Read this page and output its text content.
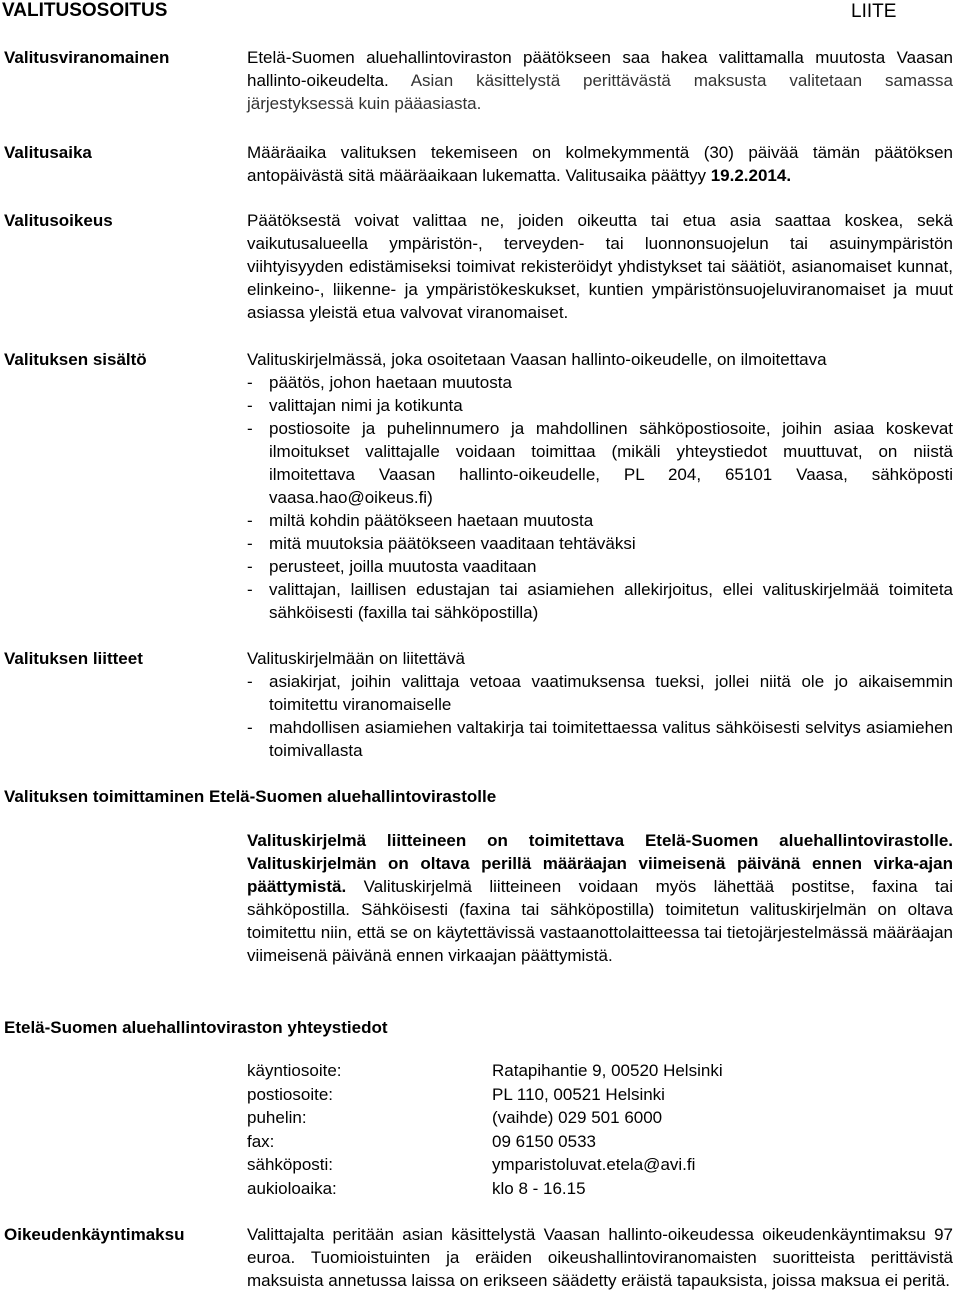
VALITUSOSOITUS	LIITE
Valitusviranomainen	Etelä-Suomen aluehallintoviraston päätökseen saa hakea valittamalla muutosta Vaasan hallinto-oikeudelta. Asian käsittelystä perittävästä maksusta valitetaan samassa järjestyksessä kuin pääasiasta.
Valitusaika	Määräaika valituksen tekemiseen on kolmekymmentä (30) päivää tämän päätöksen antopäivästä sitä määräaikaan lukematta. Valitusaika päättyy 19.2.2014.
Valitusoikeus	Päätöksestä voivat valittaa ne, joiden oikeutta tai etua asia saattaa koskea, sekä vaikutusalueella ympäristön-, terveyden- tai luonnonsuojelun tai asuinympäristön viihtyisyyden edistämiseksi toimivat rekisteröidyt yhdistykset tai säätiöt, asianomaiset kunnat, elinkeino-, liikenne- ja ympäristökeskukset, kuntien ympäristönsuojeluviranomaiset ja muut asiassa yleistä etua valvovat viranomaiset.
Valituksen sisältö	Valituskirjelmässä, joka osoitetaan Vaasan hallinto-oikeudelle, on ilmoitettava
- päätös, johon haetaan muutosta
- valittajan nimi ja kotikunta
- postiosoite ja puhelinnumero ja mahdollinen sähköpostiosoite, joihin asiaa koskevat ilmoitukset valittajalle voidaan toimittaa (mikäli yhteystiedot muuttuvat, on niistä ilmoitettava Vaasan hallinto-oikeudelle, PL 204, 65101 Vaasa, sähköposti vaasa.hao@oikeus.fi)
- miltä kohdin päätökseen haetaan muutosta
- mitä muutoksia päätökseen vaaditaan tehtäväksi
- perusteet, joilla muutosta vaaditaan
- valittajan, laillisen edustajan tai asiamiehen allekirjoitus, ellei valituskirjelmää toimiteta sähköisesti (faxilla tai sähköpostilla)
Valituksen liitteet	Valituskirjelmään on liitettävä
- asiakirjat, joihin valittaja vetoaa vaatimuksensa tueksi, jollei niitä ole jo aikaisemmin toimitettu viranomaiselle
- mahdollisen asiamiehen valtakirja tai toimitettaessa valitus sähköisesti selvitys asiamiehen toimivallasta
Valituksen toimittaminen Etelä-Suomen aluehallintovirastolle
Valituskirjelmä liitteineen on toimitettava Etelä-Suomen aluehallintovirastolle. Valituskirjelmän on oltava perillä määräajan viimeisenä päivänä ennen virka-ajan päättymistä. Valituskirjelmä liitteineen voidaan myös lähettää postitse, faxina tai sähköpostilla. Sähköisesti (faxina tai sähköpostilla) toimitetun valituskirjelmän on oltava toimitettu niin, että se on käytettävissä vastaanottolaitteessa tai tietojärjestelmässä määräajan viimeisenä päivänä ennen virkaajan päättymistä.
Etelä-Suomen aluehallintoviraston yhteystiedot
käyntiosoite:	Ratapihantie 9, 00520 Helsinki
postiosoite:	PL 110, 00521 Helsinki
puhelin:	(vaihde) 029 501 6000
fax:	09 6150 0533
sähköposti:	ymparistoluvat.etela@avi.fi
aukioloaika:	klo 8 - 16.15
Oikeudenkäyntimaksu	Valittajalta peritään asian käsittelystä Vaasan hallinto-oikeudessa oikeudenkäyntimaksu 97 euroa. Tuomioistuinten ja eräiden oikeushallintoviranomaisten suoritteista perittävistä maksuista annetussa laissa on erikseen säädetty eräistä tapauksista, joissa maksua ei peritä.
